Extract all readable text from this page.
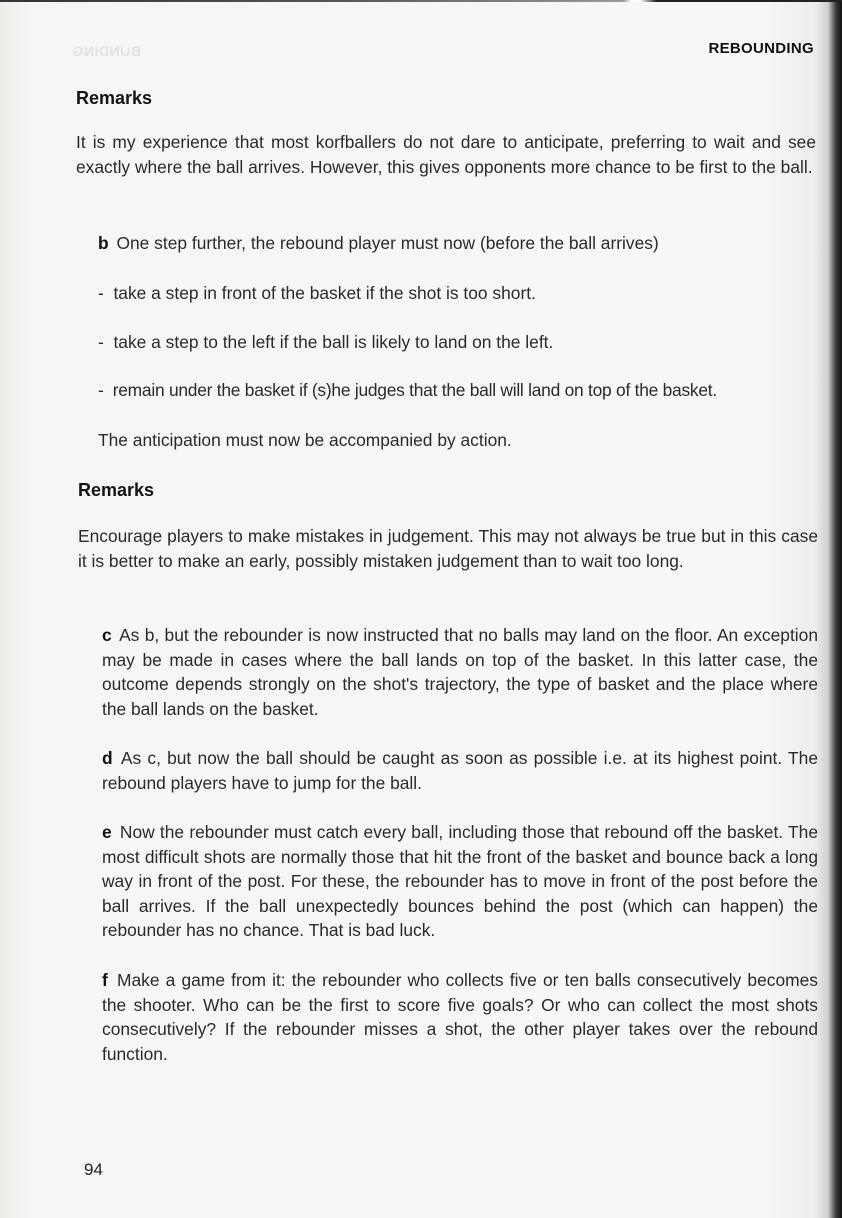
BUNDING	REBOUNDING
Remarks

It is my experience that most korfballers do not dare to anticipate, preferring to wait and see exactly where the ball arrives. However, this gives opponents more chance to be first to the ball.

b One step further, the rebound player must now (before the ball arrives)
-  take a step in front of the basket if the shot is too short.
-  take a step to the left if the ball is likely to land on the left.
-  remain under the basket if (s)he judges that the ball will land on top of the basket.
The anticipation must now be accompanied by action.
Remarks

Encourage players to make mistakes in judgement. This may not always be true but in this case it is better to make an early, possibly mistaken judgement than to wait too long.

c As b, but the rebounder is now instructed that no balls may land on the floor. An exception may be made in cases where the ball lands on top of the basket. In this latter case, the outcome depends strongly on the shot's trajectory, the type of basket and the place where the ball lands on the basket.
d As c, but now the ball should be caught as soon as possible i.e. at its highest point. The rebound players have to jump for the ball.
e Now the rebounder must catch every ball, including those that rebound off the basket. The most difficult shots are normally those that hit the front of the basket and bounce back a long way in front of the post. For these, the rebounder has to move in front of the post before the ball arrives. If the ball unexpectedly bounces behind the post (which can happen) the rebounder has no chance. That is bad luck.
f Make a game from it: the rebounder who collects five or ten balls consecutively becomes the shooter. Who can be the first to score five goals? Or who can collect the most shots consecutively? If the rebounder misses a shot, the other player takes over the rebound function.
94
